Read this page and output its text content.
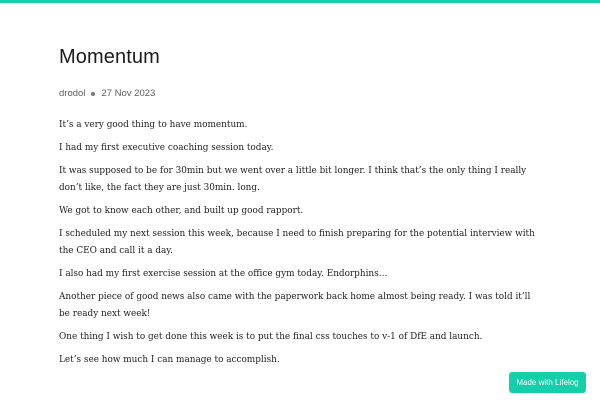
Momentum
drodol 27 Nov 2023

It’s a very good thing to have momentum.

I had my first executive coaching session today.

It was supposed to be for 30min but we went over a little bit longer. I think that’s the only thing I really don’t like, the fact they are just 30min. long.

We got to know each other, and built up good rapport.

I scheduled my next session this week, because I need to finish preparing for the potential interview with the CEO and call it a day.

I also had my first exercise session at the office gym today. Endorphins…

Another piece of good news also came with the paperwork back home almost being ready. I was told it’ll be ready next week!

One thing I wish to get done this week is to put the final css touches to v-1 of DfE and launch.

Let’s see how much I can manage to accomplish.

Made with Lifelog
